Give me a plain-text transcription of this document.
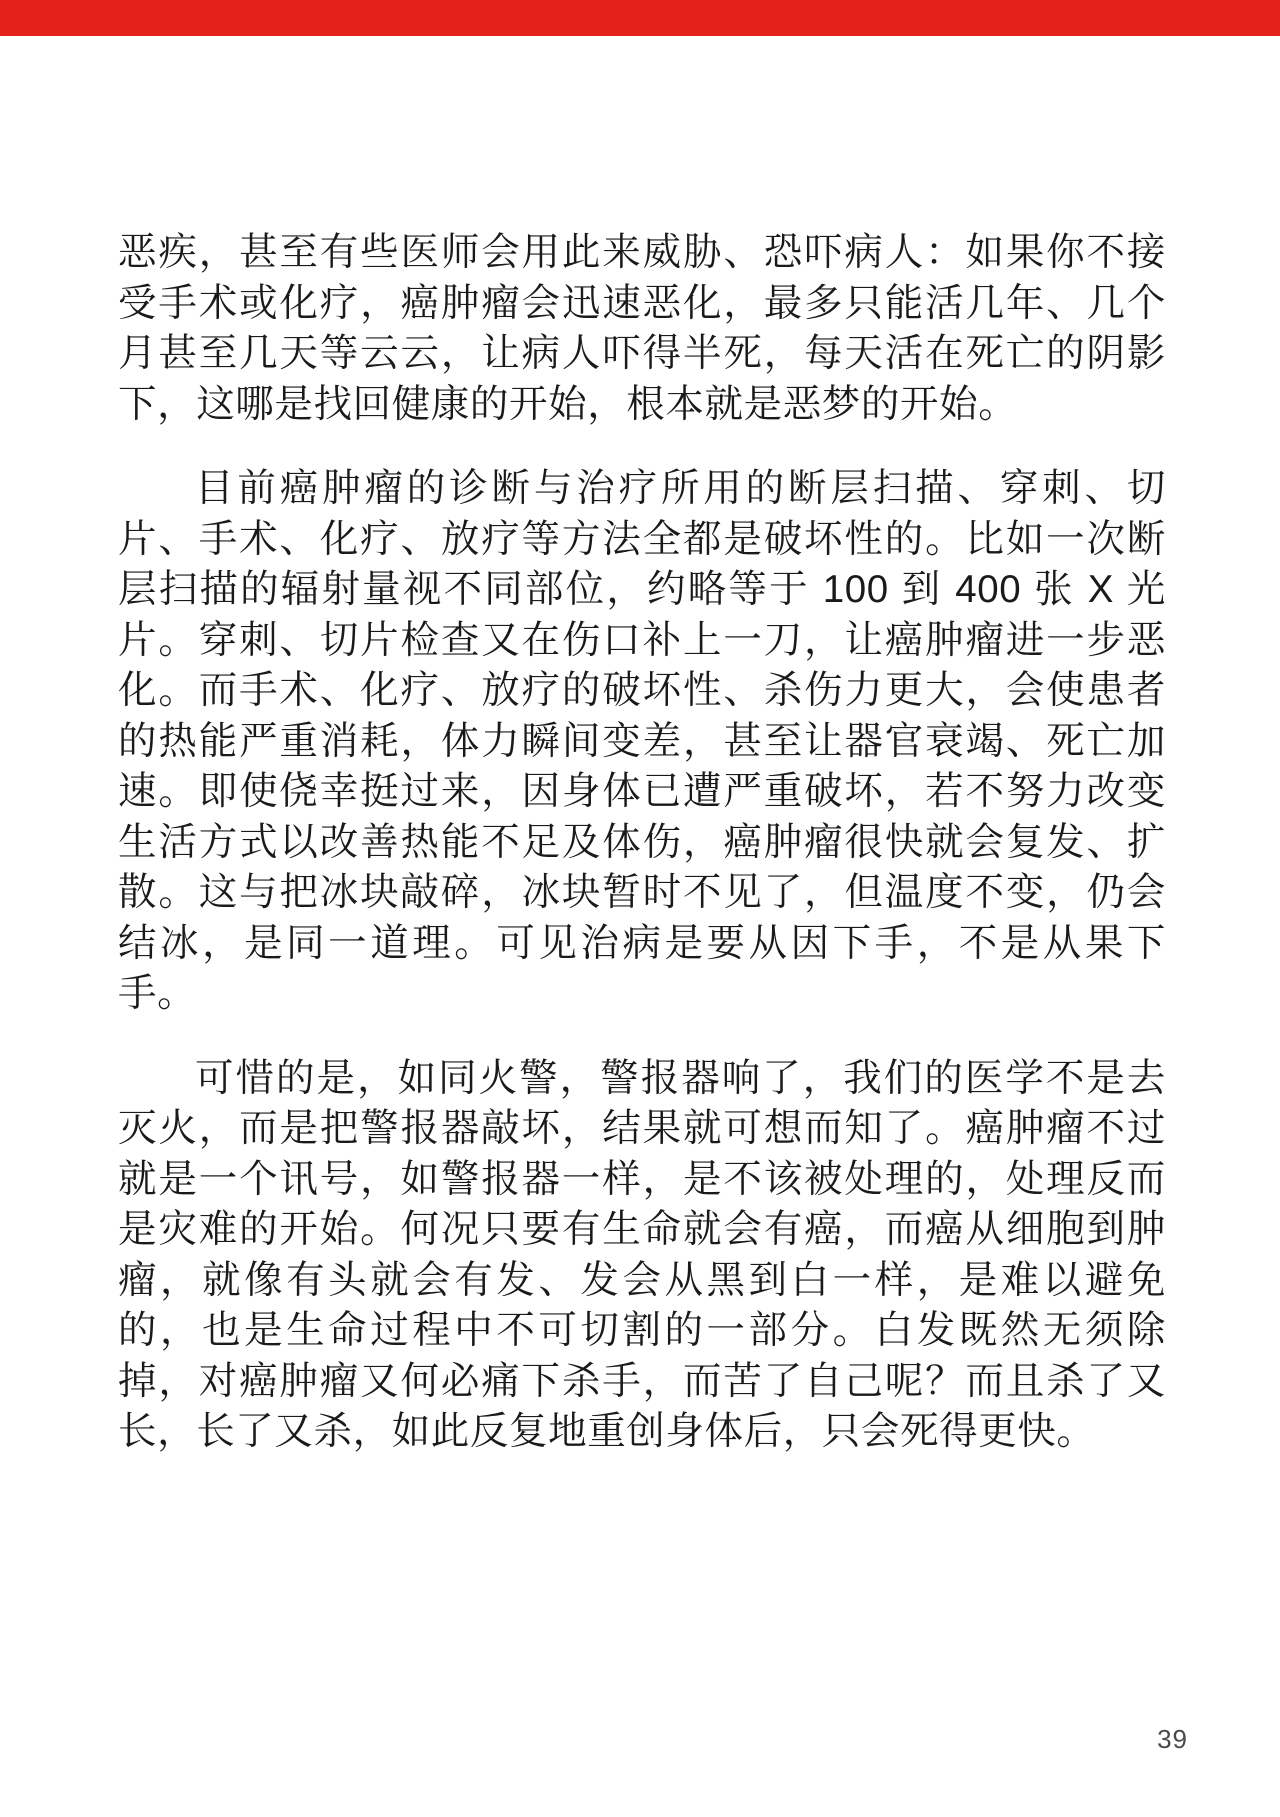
恶疾，甚至有些医师会用此来威胁、恐吓病人：如果你不接受手术或化疗，癌肿瘤会迅速恶化，最多只能活几年、几个月甚至几天等云云，让病人吓得半死，每天活在死亡的阴影下，这哪是找回健康的开始，根本就是恶梦的开始。

目前癌肿瘤的诊断与治疗所用的断层扫描、穿刺、切片、手术、化疗、放疗等方法全都是破坏性的。比如一次断层扫描的辐射量视不同部位，约略等于 100 到 400 张 X 光片。穿刺、切片检查又在伤口补上一刀，让癌肿瘤进一步恶化。而手术、化疗、放疗的破坏性、杀伤力更大，会使患者的热能严重消耗，体力瞬间变差，甚至让器官衰竭、死亡加速。即使侥幸挺过来，因身体已遭严重破坏，若不努力改变生活方式以改善热能不足及体伤，癌肿瘤很快就会复发、扩散。这与把冰块敲碎，冰块暂时不见了，但温度不变，仍会结冰，是同一道理。可见治病是要从因下手，不是从果下手。

可惜的是，如同火警，警报器响了，我们的医学不是去灭火，而是把警报器敲坏，结果就可想而知了。癌肿瘤不过就是一个讯号，如警报器一样，是不该被处理的，处理反而是灾难的开始。何况只要有生命就会有癌，而癌从细胞到肿瘤，就像有头就会有发、发会从黑到白一样，是难以避免的，也是生命过程中不可切割的一部分。白发既然无须除掉，对癌肿瘤又何必痛下杀手，而苦了自己呢？而且杀了又长，长了又杀，如此反复地重创身体后，只会死得更快。

39
